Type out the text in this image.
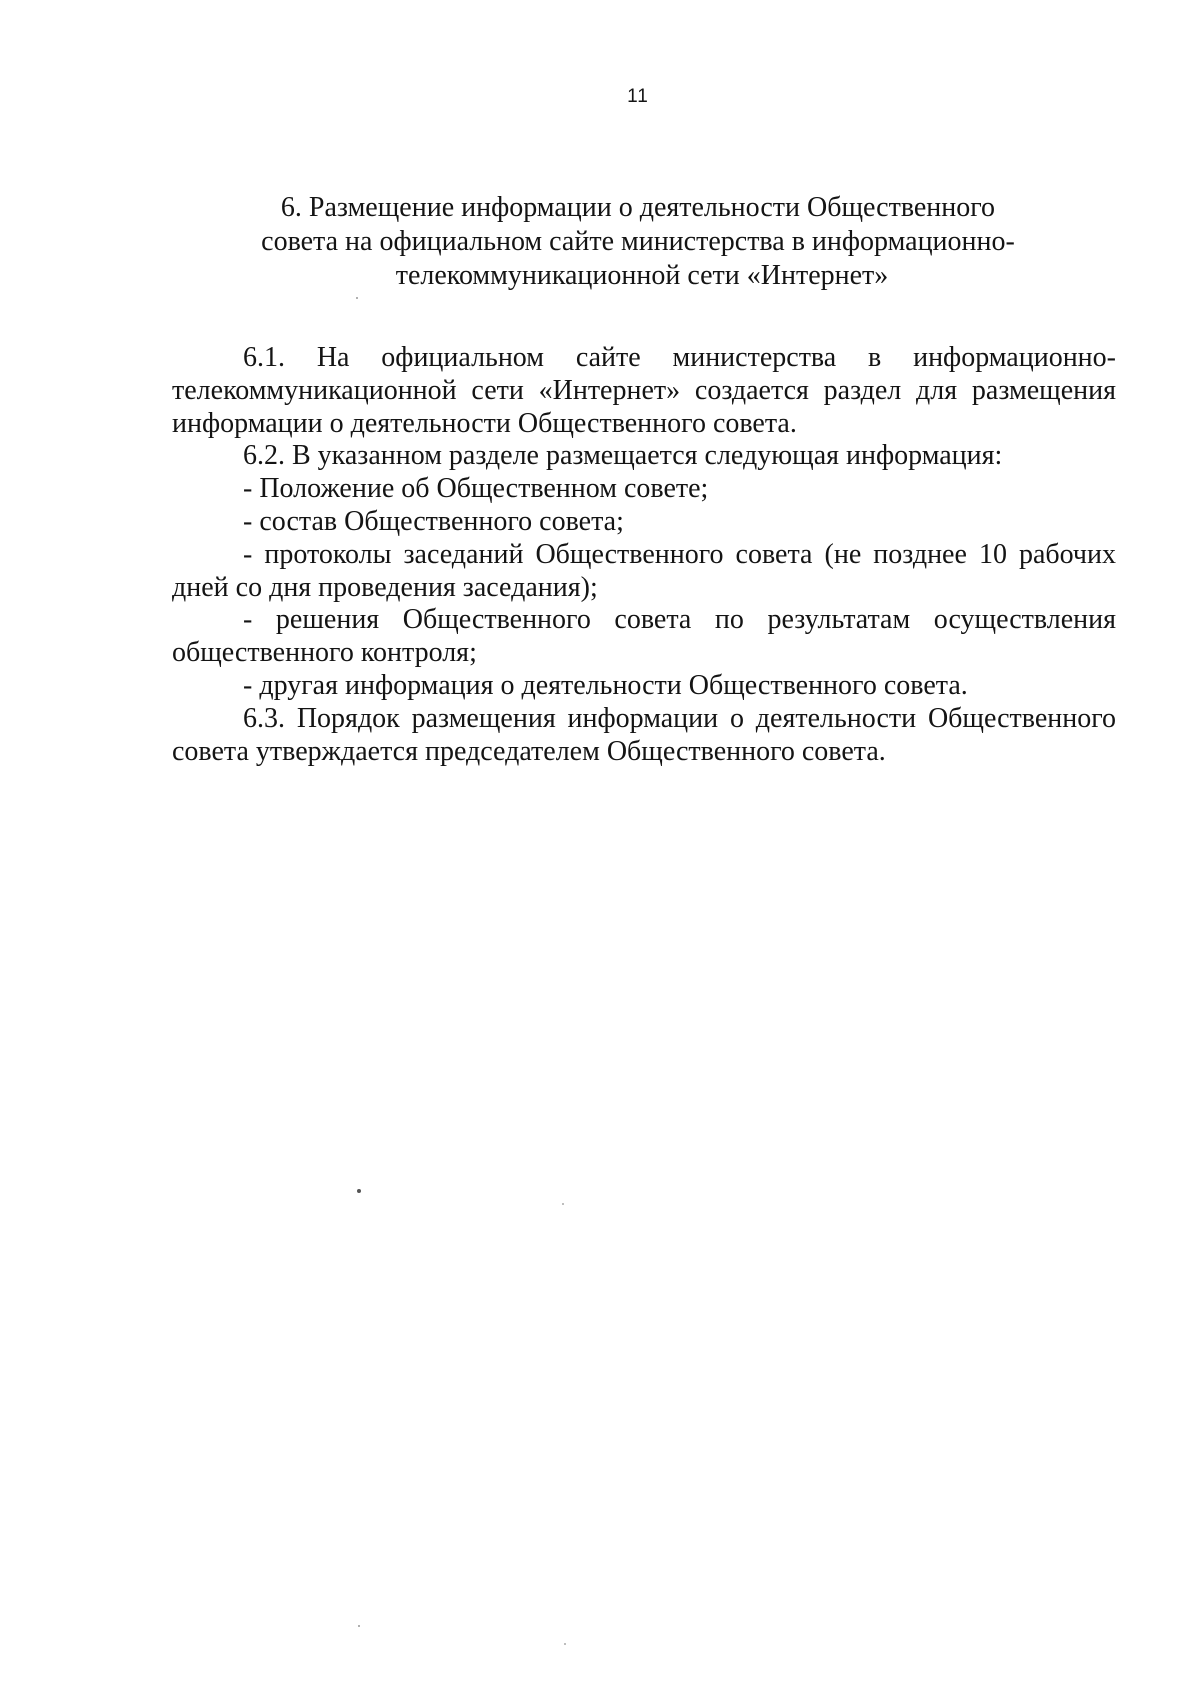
11
6. Размещение информации о деятельности Общественного
совета на официальном сайте министерства в информационно-
телекоммуникационной сети «Интернет»

6.1. На официальном сайте министерства в информационно-телекоммуникационной сети «Интернет» создается раздел для размещения информации о деятельности Общественного совета.

6.2. В указанном разделе размещается следующая информация:

- Положение об Общественном совете;

- состав Общественного совета;

- протоколы заседаний Общественного совета (не позднее 10 рабочих дней со дня проведения заседания);

- решения Общественного совета по результатам осуществления общественного контроля;

- другая информация о деятельности Общественного совета.

6.3. Порядок размещения информации о деятельности Общественного совета утверждается председателем Общественного совета.
